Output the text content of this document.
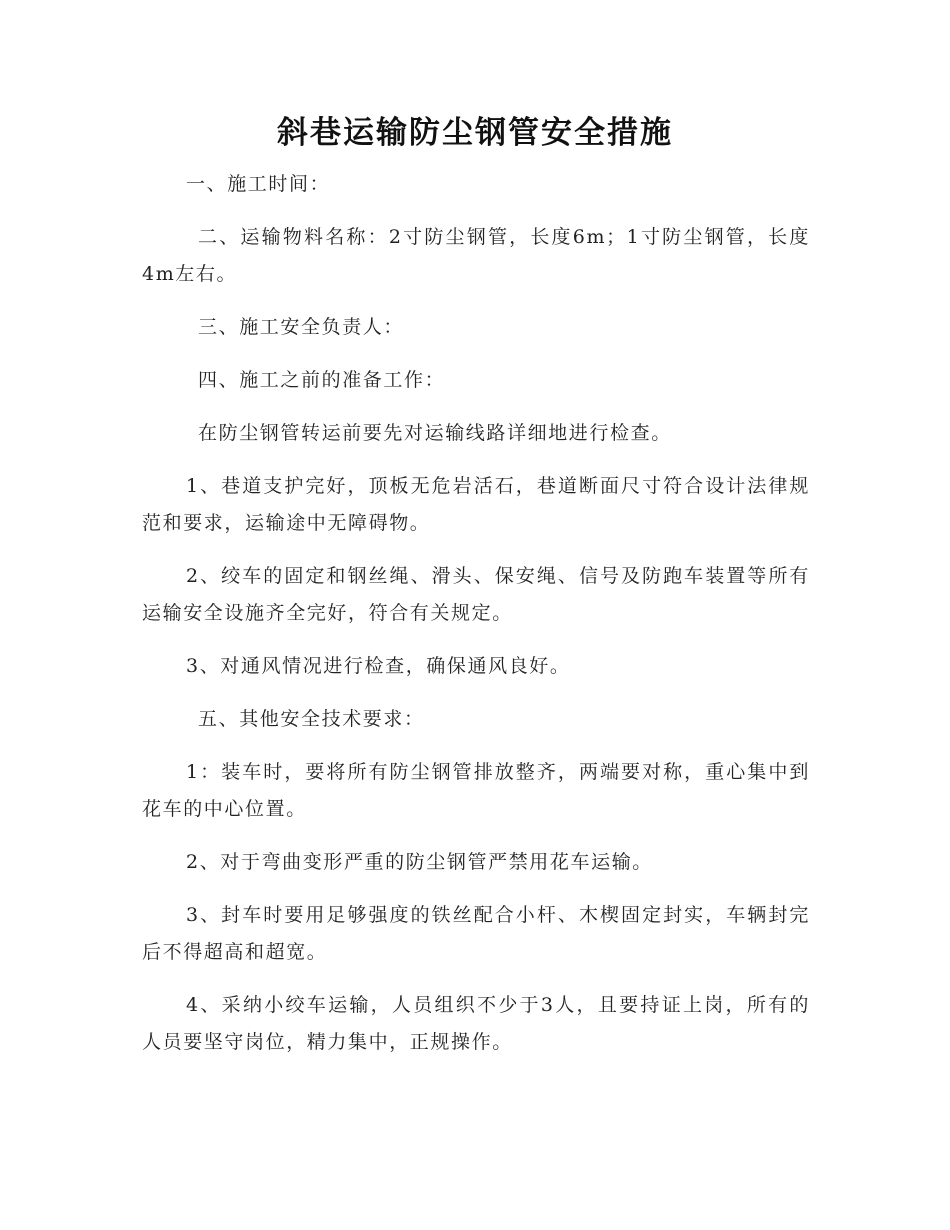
斜巷运输防尘钢管安全措施

一、施工时间：

二、运输物料名称：2寸防尘钢管，长度6m；1寸防尘钢管，长度4m左右。

三、施工安全负责人：

四、施工之前的准备工作：

在防尘钢管转运前要先对运输线路详细地进行检查。

1、巷道支护完好，顶板无危岩活石，巷道断面尺寸符合设计法律规范和要求，运输途中无障碍物。

2、绞车的固定和钢丝绳、滑头、保安绳、信号及防跑车装置等所有运输安全设施齐全完好，符合有关规定。

3、对通风情况进行检查，确保通风良好。

五、其他安全技术要求：

1：装车时，要将所有防尘钢管排放整齐，两端要对称，重心集中到花车的中心位置。

2、对于弯曲变形严重的防尘钢管严禁用花车运输。

3、封车时要用足够强度的铁丝配合小杆、木楔固定封实，车辆封完后不得超高和超宽。

4、采纳小绞车运输，人员组织不少于3人，且要持证上岗，所有的人员要坚守岗位，精力集中，正规操作。
